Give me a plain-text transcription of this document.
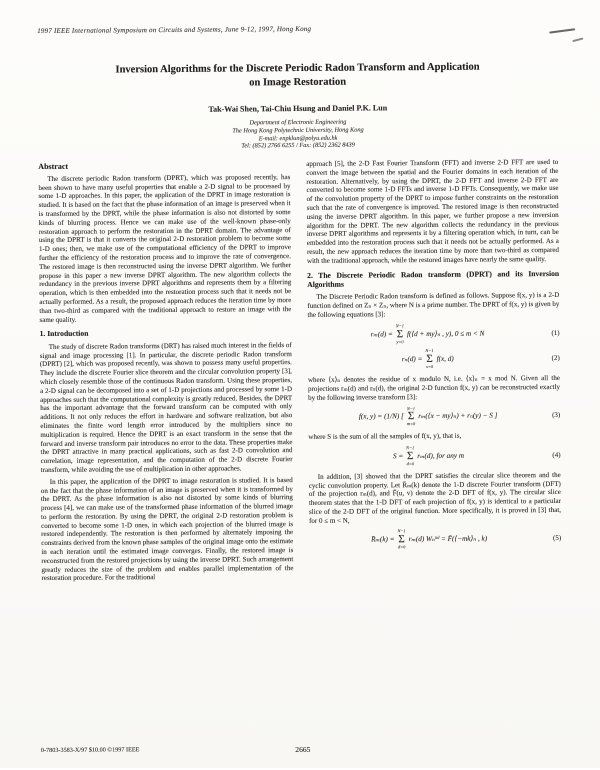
1997 IEEE International Symposium on Circuits and Systems, June 9-12, 1997, Hong Kong
Inversion Algorithms for the Discrete Periodic Radon Transform and Application
on Image Restoration
Tak-Wai Shen, Tai-Chiu Hsung and Daniel P.K. Lun
Department of Electronic Engineering
The Hong Kong Polytechnic University, Hong Kong
E-mail: enpklun@polyu.edu.hk
Tel: (852) 2766 6255 / Fax: (852) 2362 8439
Abstract

The discrete periodic Radon transform (DPRT), which was proposed recently, has been shown to have many useful properties that enable a 2-D signal to be processed by some 1-D approaches. In this paper, the application of the DPRT in image restoration is studied. It is based on the fact that the phase information of an image is preserved when it is transformed by the DPRT, while the phase information is also not distorted by some kinds of blurring process. Hence we can make use of the well-known phase-only restoration approach to perform the restoration in the DPRT domain. The advantage of using the DPRT is that it converts the original 2-D restoration problem to become some 1-D ones; then, we make use of the computational efficiency of the DPRT to improve further the efficiency of the restoration process and to improve the rate of convergence. The restored image is then reconstructed using the inverse DPRT algorithm. We further propose in this paper a new inverse DPRT algorithm. The new algorithm collects the redundancy in the previous inverse DPRT algorithms and represents them by a filtering operation, which is then embedded into the restoration process such that it needs not be actually performed. As a result, the proposed approach reduces the iteration time by more than two-third as compared with the traditional approach to restore an image with the same quality.

1. Introduction

The study of discrete Radon transforms (DRT) has raised much interest in the fields of signal and image processing [1]. In particular, the discrete periodic Radon transform (DPRT) [2], which was proposed recently, was shown to possess many useful properties. They include the discrete Fourier slice theorem and the circular convolution property [3], which closely resemble those of the continuous Radon transform. Using these properties, a 2-D signal can be decomposed into a set of 1-D projections and processed by some 1-D approaches such that the computational complexity is greatly reduced. Besides, the DPRT has the important advantage that the forward transform can be computed with only additions. It not only reduces the effort in hardware and software realization, but also eliminates the finite word length error introduced by the multipliers since no multiplication is required. Hence the DPRT is an exact transform in the sense that the forward and inverse transform pair introduces no error to the data. These properties make the DPRT attractive in many practical applications, such as fast 2-D convolution and correlation, image representation, and the computation of the 2-D discrete Fourier transform, while avoiding the use of multiplication in other approaches.

In this paper, the application of the DPRT to image restoration is studied. It is based on the fact that the phase information of an image is preserved when it is transformed by the DPRT. As the phase information is also not distorted by some kinds of blurring process [4], we can make use of the transformed phase information of the blurred image to perform the restoration. By using the DPRT, the original 2-D restoration problem is converted to become some 1-D ones, in which each projection of the blurred image is restored independently. The restoration is then performed by alternately imposing the constraints derived from the known phase samples of the original image onto the estimate in each iteration until the estimated image converges. Finally, the restored image is reconstructed from the restored projections by using the inverse DPRT. Such arrangement greatly reduces the size of the problem and enables parallel implementation of the restoration procedure. For the traditional

approach [5], the 2-D Fast Fourier Transform (FFT) and inverse 2-D FFT are used to convert the image between the spatial and the Fourier domains in each iteration of the restoration. Alternatively, by using the DPRT, the 2-D FFT and inverse 2-D FFT are converted to become some 1-D FFTs and inverse 1-D FFTs. Consequently, we make use of the convolution property of the DPRT to impose further constraints on the restoration such that the rate of convergence is improved. The restored image is then reconstructed using the inverse DPRT algorithm. In this paper, we further propose a new inversion algorithm for the DPRT. The new algorithm collects the redundancy in the previous inverse DPRT algorithms and represents it by a filtering operation which, in turn, can be embedded into the restoration process such that it needs not be actually performed. As a result, the new approach reduces the iteration time by more than two-third as compared with the traditional approach, while the restored images have nearly the same quality.

2. The Discrete Periodic Radon transform (DPRT) and its Inversion Algorithms

The Discrete Periodic Radon transform is defined as follows. Suppose f(x, y) is a 2-D function defined on Zₙ × Zₙ, where N is a prime number. The DPRT of f(x, y) is given by the following equations [3]:

rₘ(d) =
N−1
Σ
y=0
f(⟨d + my⟩ₙ , y), 0 ≤ m < N	(1)
rₙ(d) =
N−1
Σ
x=0
f(x, d)	(2)

where ⟨x⟩ₙ denotes the residue of x modulo N, i.e. ⟨x⟩ₙ = x mod N. Given all the projections rₘ(d) and rₙ(d), the original 2-D function f(x, y) can be reconstructed exactly by the following inverse transform [3]:

f(x, y) = (1/N) [
N−1
Σ
m=0
rₘ(⟨x − my⟩ₙ) + rₙ(y) − S ]	(3)

where S is the sum of all the samples of f(x, y), that is,

S =
N−1
Σ
d=0
rₘ(d), for any m	(4)

In addition, [3] showed that the DPRT satisfies the circular slice theorem and the cyclic convolution property. Let R̄ₘ(k) denote the 1-D discrete Fourier transform (DFT) of the projection rₘ(d), and F̄(u, v) denote the 2-D DFT of f(x, y). The circular slice theorem states that the 1-D DFT of each projection of f(x, y) is identical to a particular slice of the 2-D DFT of the original function. More specifically, it is proved in [3] that, for 0 ≤ m < N,

R̄ₘ(k) =
N−1
Σ
d=0
rₘ(d) Wₙᵏᵈ = F̄(⟨−mk⟩ₙ , k)	(5)
0-7803-3583-X/97 $10.00 ©1997 IEEE	2665
